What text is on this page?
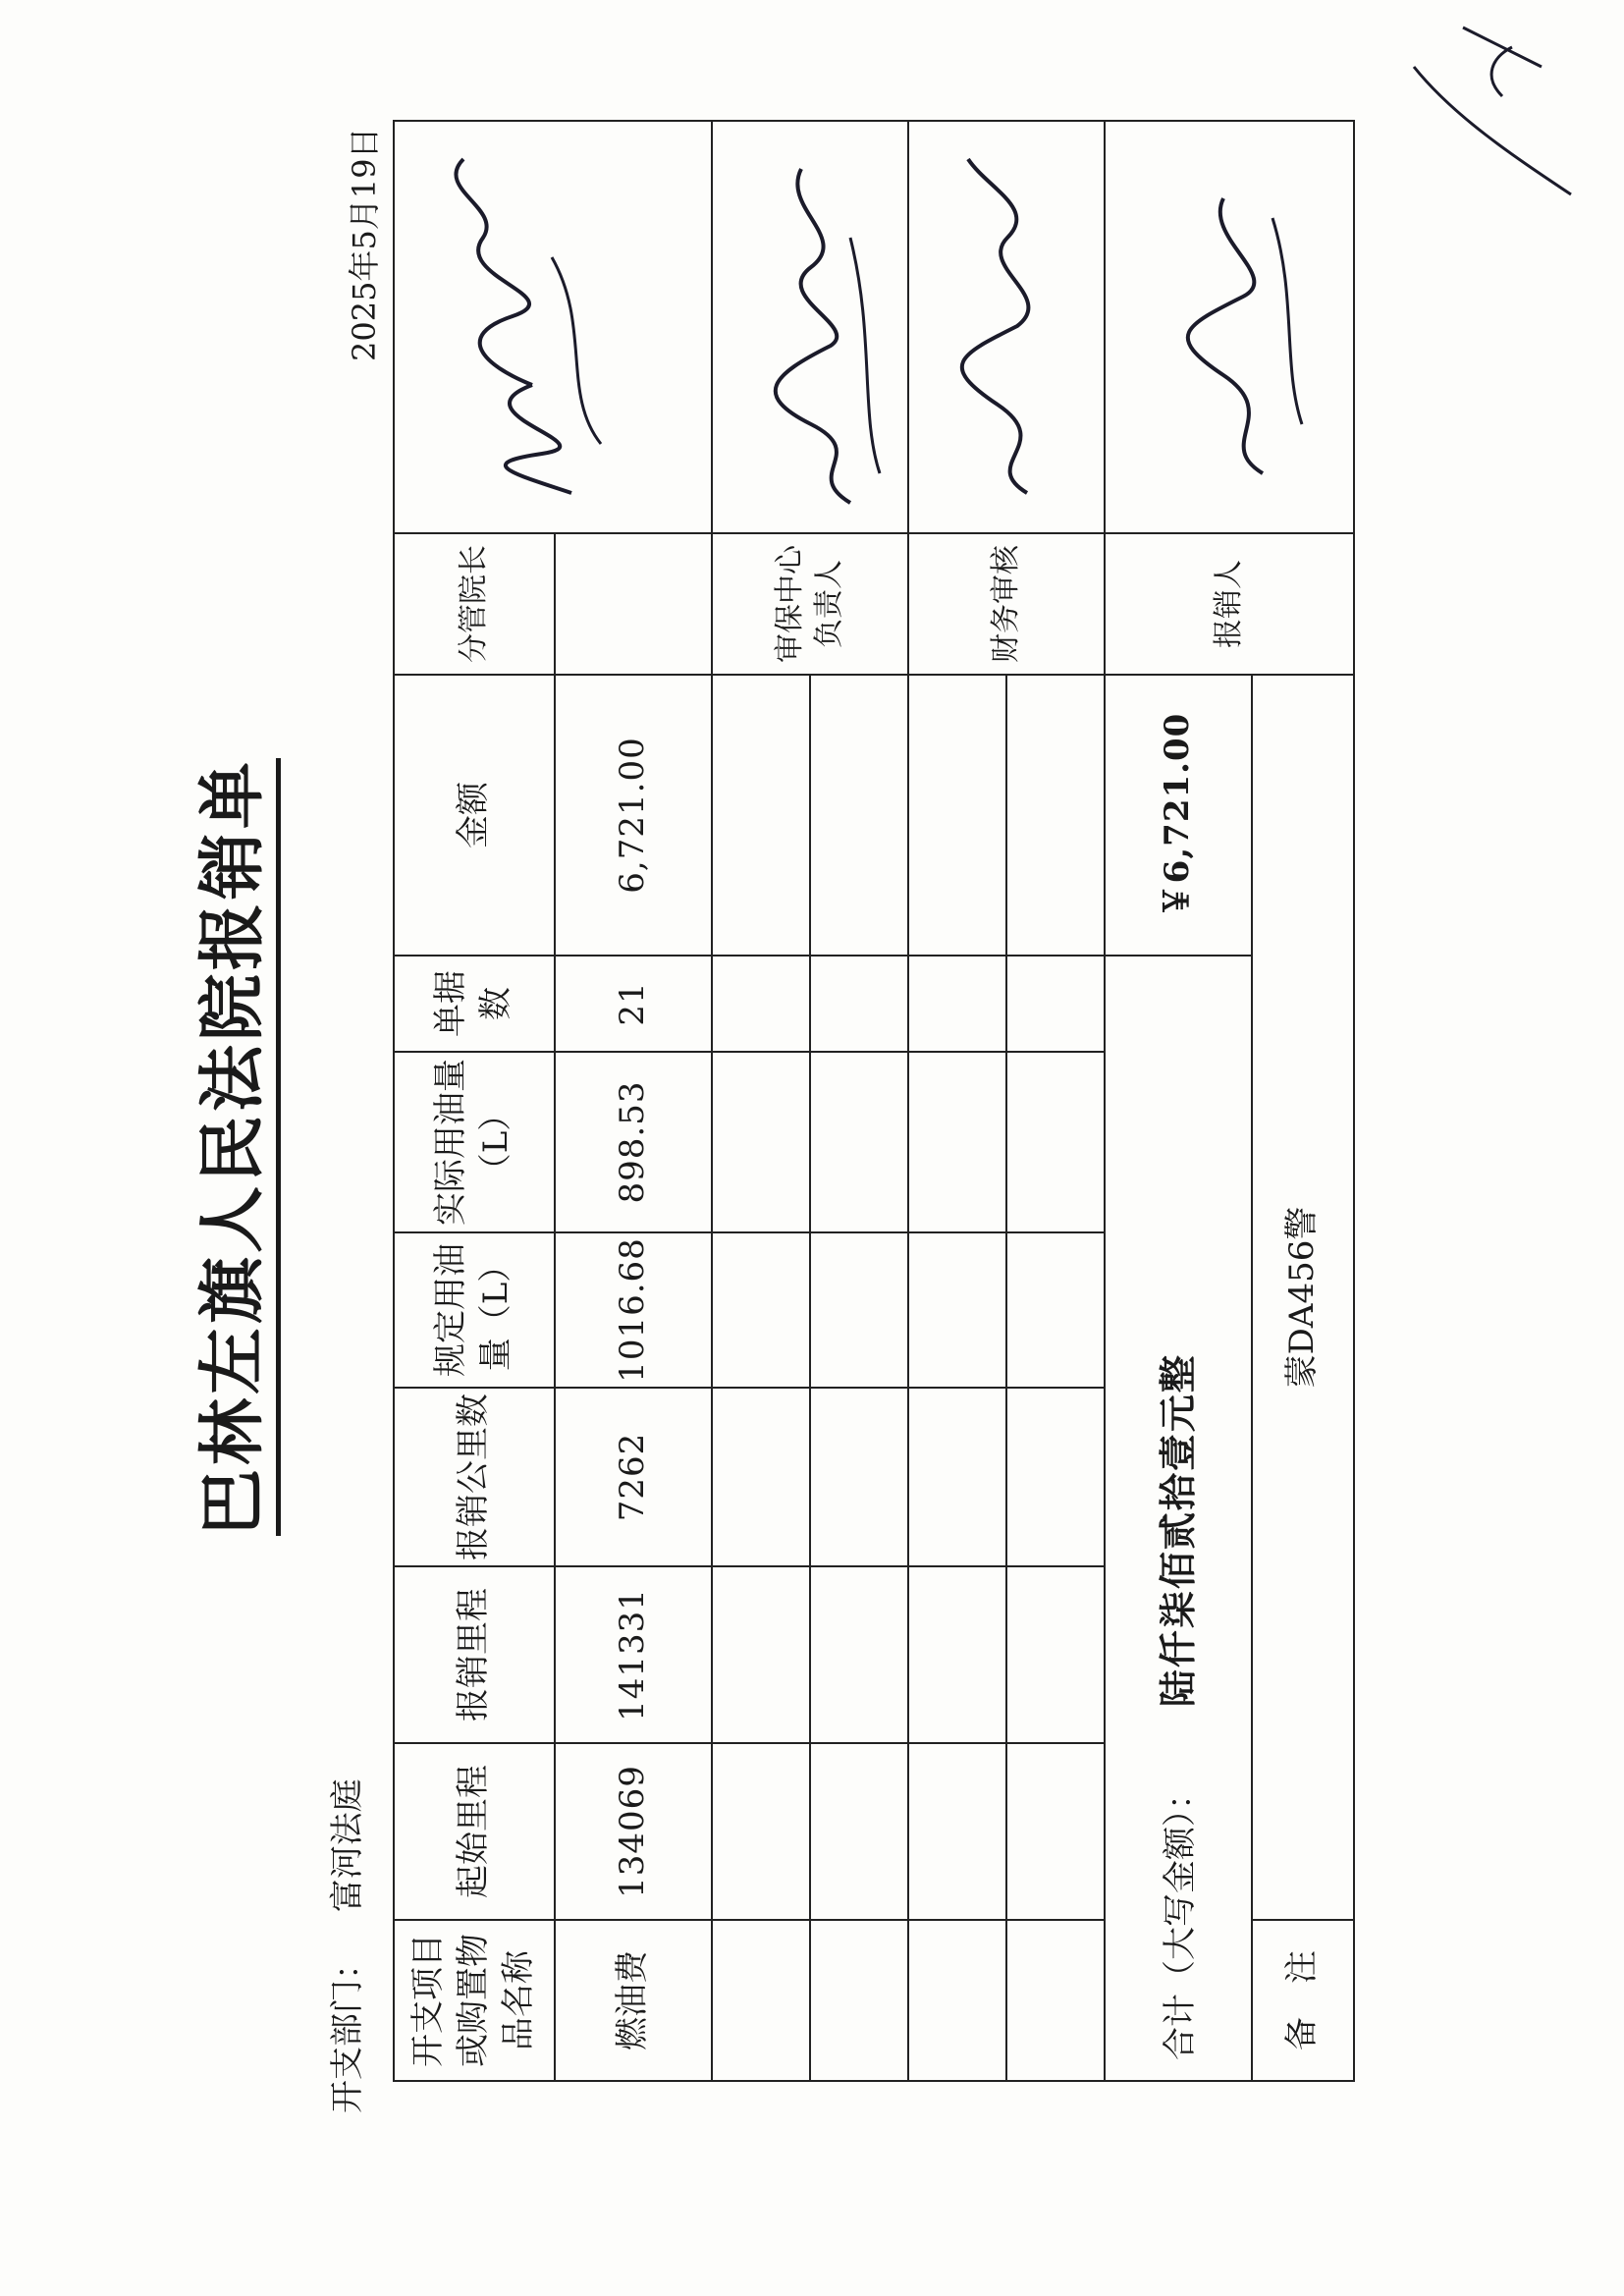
巴林左旗人民法院报销单
开支部门： 富河法庭
2025年5月19日
开支项目或购置物品名称	起始里程	报销里程	报销公里数	规定用油量（L）	实际用油量（L）	单据数	金额	分管院长	

燃油费	134069	141331	7262	1016.68	898.53	21	6,721.00		
								审保中心负责人	

								财务审核	

合计（大写金额）： 陆仟柒佰贰拾壹元整							￥6,721.00	报销人	

备　注	蒙DA456警								
